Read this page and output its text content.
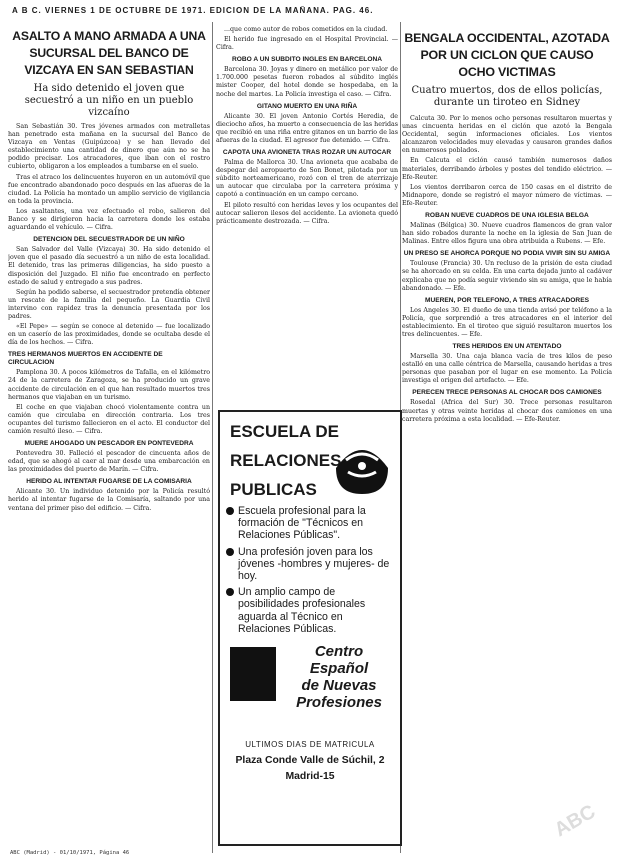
A B C. VIERNES 1 DE OCTUBRE DE 1971. EDICION DE LA MAÑANA. PAG. 46.
ASALTO A MANO ARMADA A UNA SUCURSAL DEL BANCO DE VIZCAYA EN SAN SEBASTIAN
Ha sido detenido el joven que secuestró a un niño en un pueblo vizcaíno

San Sebastián 30. Tres jóvenes armados con metralletas han penetrado esta mañana en la sucursal del Banco de Vizcaya en Ventas (Guipúzcoa) y se han llevado del establecimiento una cantidad de dinero que aún no se ha podido precisar. Los atracadores, que iban con el rostro cubierto, obligaron a los empleados a tumbarse en el suelo.

Tras el atraco los delincuentes huyeron en un automóvil que fue encontrado abandonado poco después en las afueras de la ciudad. La Policía ha montado un amplio servicio de vigilancia en toda la provincia.

Los asaltantes, una vez efectuado el robo, salieron del Banco y se dirigieron hacia la carretera donde les estaba aguardando el vehículo. — Cifra.

DETENCION DEL SECUESTRADOR DE UN NIÑO

San Salvador del Valle (Vizcaya) 30. Ha sido detenido el joven que el pasado día secuestró a un niño de esta localidad. El detenido, tras las primeras diligencias, ha sido puesto a disposición del Juzgado. El niño fue encontrado en perfecto estado de salud y entregado a sus padres.

Según ha podido saberse, el secuestrador pretendía obtener un rescate de la familia del pequeño. La Guardia Civil intervino con rapidez tras la denuncia presentada por los padres.

«El Pepe» — según se conoce al detenido — fue localizado en un caserío de las proximidades, donde se ocultaba desde el día de los hechos. — Cifra.

TRES HERMANOS MUERTOS EN ACCIDENTE DE CIRCULACION

Pamplona 30. A pocos kilómetros de Tafalla, en el kilómetro 24 de la carretera de Zaragoza, se ha producido un grave accidente de circulación en el que han resultado muertos tres hermanos que viajaban en un turismo.

El coche en que viajaban chocó violentamente contra un camión que circulaba en dirección contraria. Los tres ocupantes del turismo fallecieron en el acto. El conductor del camión resultó ileso. — Cifra.

MUERE AHOGADO UN PESCADOR EN PONTEVEDRA

Pontevedra 30. Falleció el pescador de cincuenta años de edad, que se ahogó al caer al mar desde una embarcación en las proximidades del puerto de Marín. — Cifra.

HERIDO AL INTENTAR FUGARSE DE LA COMISARIA

Alicante 30. Un individuo detenido por la Policía resultó herido al intentar fugarse de la Comisaría, saltando por una ventana del primer piso del edificio. — Cifra.

...que como autor de robos cometidos en la ciudad.

El herido fue ingresado en el Hospital Provincial. — Cifra.

ROBO A UN SUBDITO INGLES EN BARCELONA

Barcelona 30. Joyas y dinero en metálico por valor de 1.700.000 pesetas fueron robados al súbdito inglés mister Cooper, del hotel donde se hospedaba, en la noche del martes. La Policía investiga el caso. — Cifra.

GITANO MUERTO EN UNA RIÑA

Alicante 30. El joven Antonio Cortés Heredia, de dieciocho años, ha muerto a consecuencia de las heridas que recibió en una riña entre gitanos en un barrio de las afueras de la ciudad. El agresor fue detenido. — Cifra.

CAPOTA UNA AVIONETA TRAS ROZAR UN AUTOCAR

Palma de Mallorca 30. Una avioneta que acababa de despegar del aeropuerto de Son Bonet, pilotada por un súbdito norteamericano, rozó con el tren de aterrizaje un autocar que circulaba por la carretera próxima y capotó a continuación en un campo cercano.

El piloto resultó con heridas leves y los ocupantes del autocar salieron ilesos del accidente. La avioneta quedó prácticamente destrozada. — Cifra.

ESCUELA DE
RELACIONES
PUBLICAS
Escuela profesional para la formación de "Técnicos en Relaciones Públicas".
Una profesión joven para los jóvenes -hombres y mujeres- de hoy.
Un amplio campo de posibilidades profesionales aguarda al Técnico en Relaciones Públicas.
Centro
Español
de Nuevas
Profesiones
ULTIMOS DIAS DE MATRICULA
Plaza Conde Valle de Súchil, 2
Madrid-15
BENGALA OCCIDENTAL, AZOTADA POR UN CICLON QUE CAUSO OCHO VICTIMAS
Cuatro muertos, dos de ellos policías, durante un tiroteo en Sidney

Calcuta 30. Por lo menos ocho personas resultaron muertas y unas cincuenta heridas en el ciclón que azotó la Bengala Occidental, según informaciones oficiales. Los vientos alcanzaron velocidades muy elevadas y causaron grandes daños en numerosos poblados.

En Calcuta el ciclón causó también numerosos daños materiales, derribando árboles y postes del tendido eléctrico. — Efe-Reuter.

Los vientos derribaron cerca de 150 casas en el distrito de Midnapore, donde se registró el mayor número de víctimas. — Efe-Reuter.

ROBAN NUEVE CUADROS DE UNA IGLESIA BELGA

Malinas (Bélgica) 30. Nueve cuadros flamencos de gran valor han sido robados durante la noche en la iglesia de San Juan de Malinas. Entre ellos figura una obra atribuida a Rubens. — Efe.

UN PRESO SE AHORCA PORQUE NO PODIA VIVIR SIN SU AMIGA

Toulouse (Francia) 30. Un recluso de la prisión de esta ciudad se ha ahorcado en su celda. En una carta dejada junto al cadáver explicaba que no podía seguir viviendo sin su amiga, que le había abandonado. — Efe.

MUEREN, POR TELEFONO, A TRES ATRACADORES

Los Angeles 30. El dueño de una tienda avisó por teléfono a la Policía, que sorprendió a tres atracadores en el interior del establecimiento. En el tiroteo que siguió resultaron muertos los tres delincuentes. — Efe.

TRES HERIDOS EN UN ATENTADO

Marsella 30. Una caja blanca vacía de tres kilos de peso estalló en una calle céntrica de Marsella, causando heridas a tres personas que pasaban por el lugar en ese momento. La Policía investiga el origen del artefacto. — Efe.

PERECEN TRECE PERSONAS AL CHOCAR DOS CAMIONES

Rosedal (Africa del Sur) 30. Trece personas resultaron muertas y otras veinte heridas al chocar dos camiones en una carretera próxima a esta localidad. — Efe-Reuter.

ABC
ABC (Madrid) - 01/10/1971, Página 46
